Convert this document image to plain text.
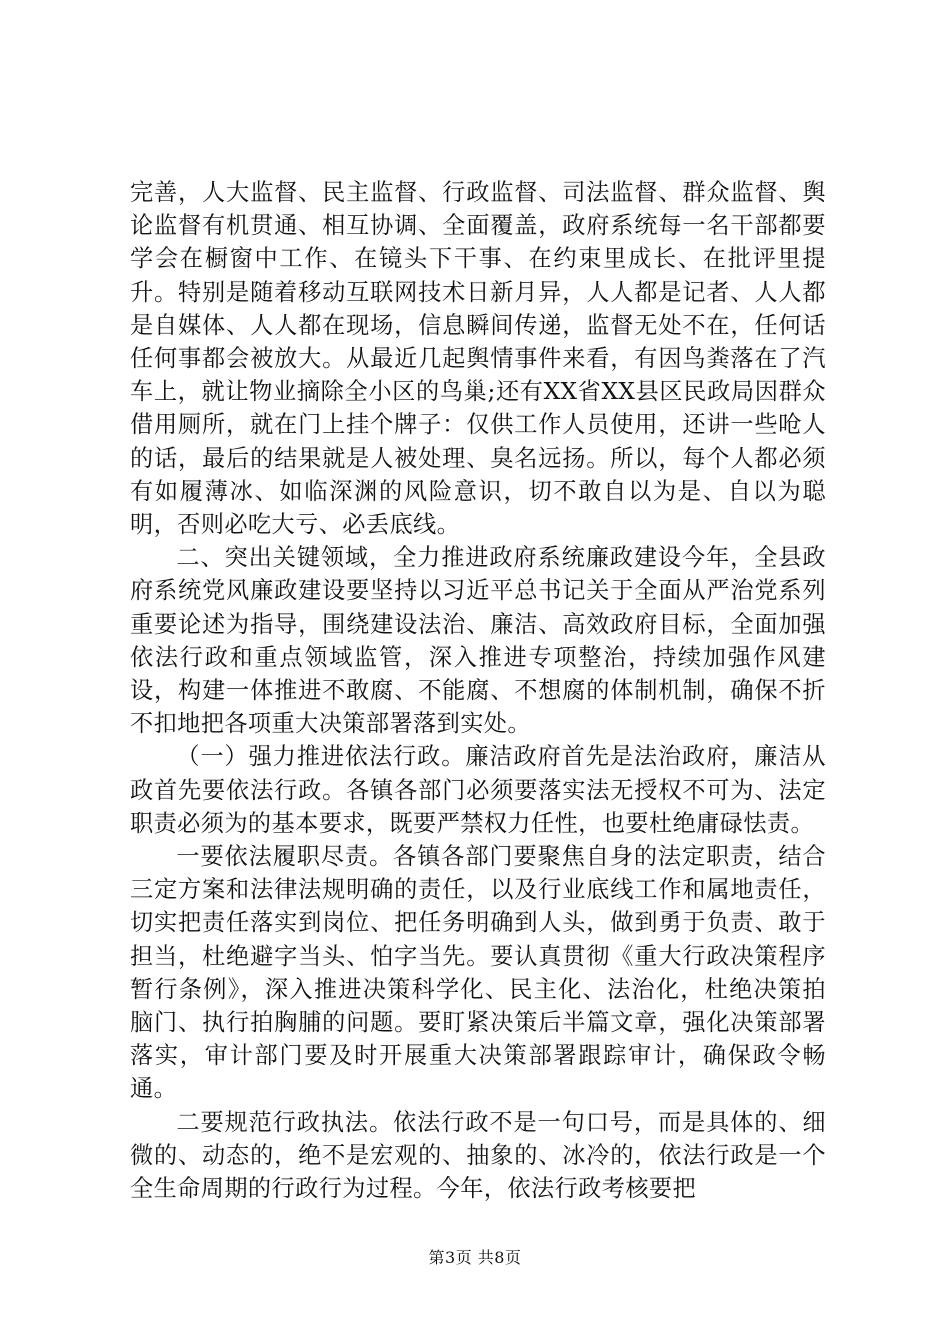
完善，人大监督、民主监督、行政监督、司法监督、群众监督、舆论监督有机贯通、相互协调、全面覆盖，政府系统每一名干部都要学会在橱窗中工作、在镜头下干事、在约束里成长、在批评里提升。特别是随着移动互联网技术日新月异，人人都是记者、人人都是自媒体、人人都在现场，信息瞬间传递，监督无处不在，任何话任何事都会被放大。从最近几起舆情事件来看，有因鸟粪落在了汽车上，就让物业摘除全小区的鸟巢;还有XX省XX县区民政局因群众借用厕所，就在门上挂个牌子：仅供工作人员使用，还讲一些呛人的话，最后的结果就是人被处理、臭名远扬。所以，每个人都必须有如履薄冰、如临深渊的风险意识，切不敢自以为是、自以为聪明，否则必吃大亏、必丢底线。

二、突出关键领域，全力推进政府系统廉政建设今年，全县政府系统党风廉政建设要坚持以习近平总书记关于全面从严治党系列重要论述为指导，围绕建设法治、廉洁、高效政府目标，全面加强依法行政和重点领域监管，深入推进专项整治，持续加强作风建设，构建一体推进不敢腐、不能腐、不想腐的体制机制，确保不折不扣地把各项重大决策部署落到实处。

（一）强力推进依法行政。廉洁政府首先是法治政府，廉洁从政首先要依法行政。各镇各部门必须要落实法无授权不可为、法定职责必须为的基本要求，既要严禁权力任性，也要杜绝庸碌怯责。

一要依法履职尽责。各镇各部门要聚焦自身的法定职责，结合三定方案和法律法规明确的责任，以及行业底线工作和属地责任，切实把责任落实到岗位、把任务明确到人头，做到勇于负责、敢于担当，杜绝避字当头、怕字当先。要认真贯彻《重大行政决策程序暂行条例》，深入推进决策科学化、民主化、法治化，杜绝决策拍脑门、执行拍胸脯的问题。要盯紧决策后半篇文章，强化决策部署落实，审计部门要及时开展重大决策部署跟踪审计，确保政令畅通。

二要规范行政执法。依法行政不是一句口号，而是具体的、细微的、动态的，绝不是宏观的、抽象的、冰冷的，依法行政是一个全生命周期的行政行为过程。今年，依法行政考核要把

第3页 共8页
